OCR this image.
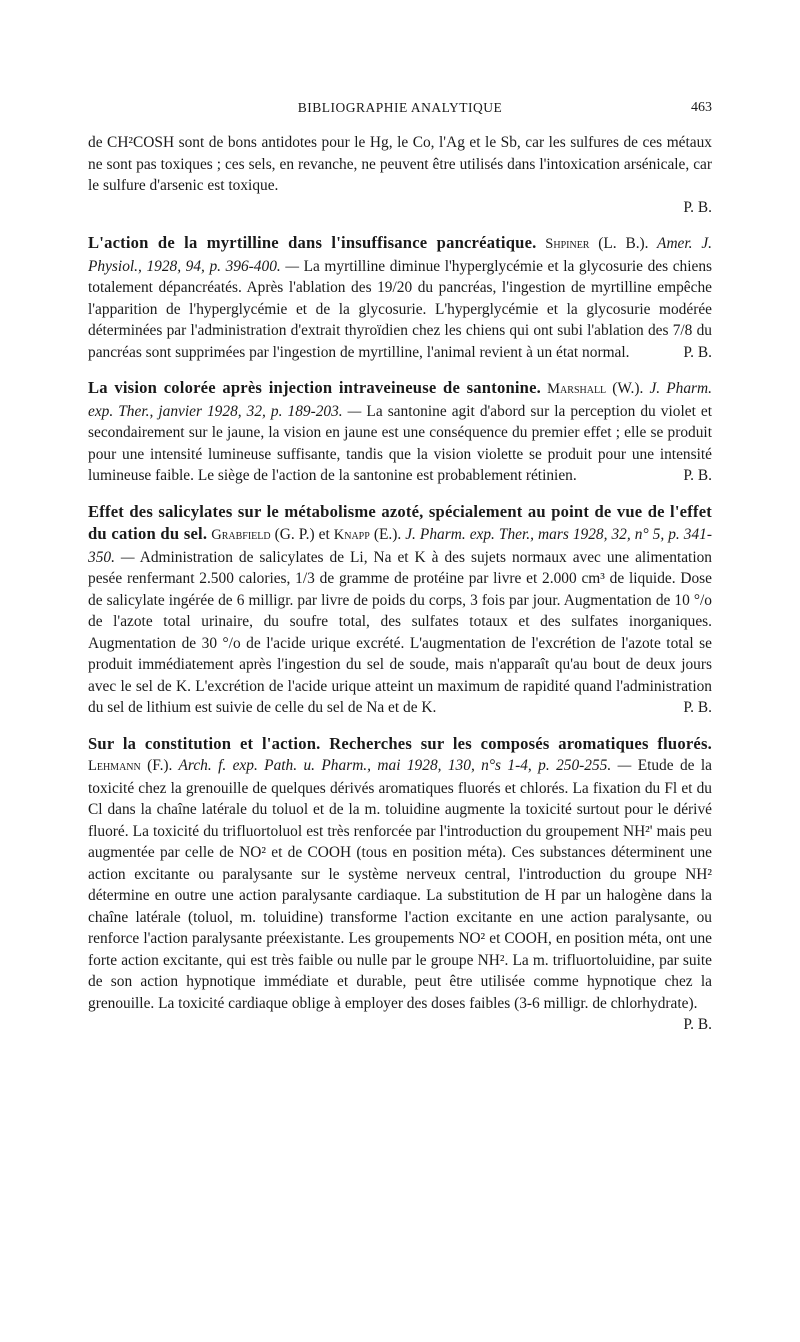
BIBLIOGRAPHIE ANALYTIQUE	463

de CH²COSH sont de bons antidotes pour le Hg, le Co, l'Ag et le Sb, car les sulfures de ces métaux ne sont pas toxiques ; ces sels, en revanche, ne peuvent être utilisés dans l'intoxication arsénicale, car le sulfure d'arsenic est toxique.

P. B.

L'action de la myrtilline dans l'insuffisance pancréatique. Shpiner (L. B.). Amer. J. Physiol., 1928, 94, p. 396-400. — La myrtilline diminue l'hyperglycémie et la glycosurie des chiens totalement dépancréatés. Après l'ablation des 19/20 du pancréas, l'ingestion de myrtilline empêche l'apparition de l'hyperglycémie et de la glycosurie. L'hyperglycémie et la glycosurie modérée déterminées par l'administration d'extrait thyroïdien chez les chiens qui ont subi l'ablation des 7/8 du pancréas sont supprimées par l'ingestion de myrtilline, l'animal revient à un état normal.	P. B.

La vision colorée après injection intraveineuse de santonine. Marshall (W.). J. Pharm. exp. Ther., janvier 1928, 32, p. 189-203. — La santonine agit d'abord sur la perception du violet et secondairement sur le jaune, la vision en jaune est une conséquence du premier effet ; elle se produit pour une intensité lumineuse suffisante, tandis que la vision violette se produit pour une intensité lumineuse faible. Le siège de l'action de la santonine est probablement rétinien.	P. B.

Effet des salicylates sur le métabolisme azoté, spécialement au point de vue de l'effet du cation du sel. Grabfield (G. P.) et Knapp (E.). J. Pharm. exp. Ther., mars 1928, 32, n° 5, p. 341-350. — Administration de salicylates de Li, Na et K à des sujets normaux avec une alimentation pesée renfermant 2.500 calories, 1/3 de gramme de protéine par livre et 2.000 cm³ de liquide. Dose de salicylate ingérée de 6 milligr. par livre de poids du corps, 3 fois par jour. Augmentation de 10 °/o de l'azote total urinaire, du soufre total, des sulfates totaux et des sulfates inorganiques. Augmentation de 30 °/o de l'acide urique excrété. L'augmentation de l'excrétion de l'azote total se produit immédiatement après l'ingestion du sel de soude, mais n'apparaît qu'au bout de deux jours avec le sel de K. L'excrétion de l'acide urique atteint un maximum de rapidité quand l'administration du sel de lithium est suivie de celle du sel de Na et de K.	P. B.

Sur la constitution et l'action. Recherches sur les composés aromatiques fluorés. Lehmann (F.). Arch. f. exp. Path. u. Pharm., mai 1928, 130, n°s 1-4, p. 250-255. — Etude de la toxicité chez la grenouille de quelques dérivés aromatiques fluorés et chlorés. La fixation du Fl et du Cl dans la chaîne latérale du toluol et de la m. toluidine augmente la toxicité surtout pour le dérivé fluoré. La toxicité du trifluortoluol est très renforcée par l'introduction du groupement NH²' mais peu augmentée par celle de NO² et de COOH (tous en position méta). Ces substances déterminent une action excitante ou paralysante sur le système nerveux central, l'introduction du groupe NH² détermine en outre une action paralysante cardiaque. La substitution de H par un halogène dans la chaîne latérale (toluol, m. toluidine) transforme l'action excitante en une action paralysante, ou renforce l'action paralysante préexistante. Les groupements NO² et COOH, en position méta, ont une forte action excitante, qui est très faible ou nulle par le groupe NH². La m. trifluortoluidine, par suite de son action hypnotique immédiate et durable, peut être utilisée comme hypnotique chez la grenouille. La toxicité cardiaque oblige à employer des doses faibles (3-6 milligr. de chlorhydrate).

P. B.
